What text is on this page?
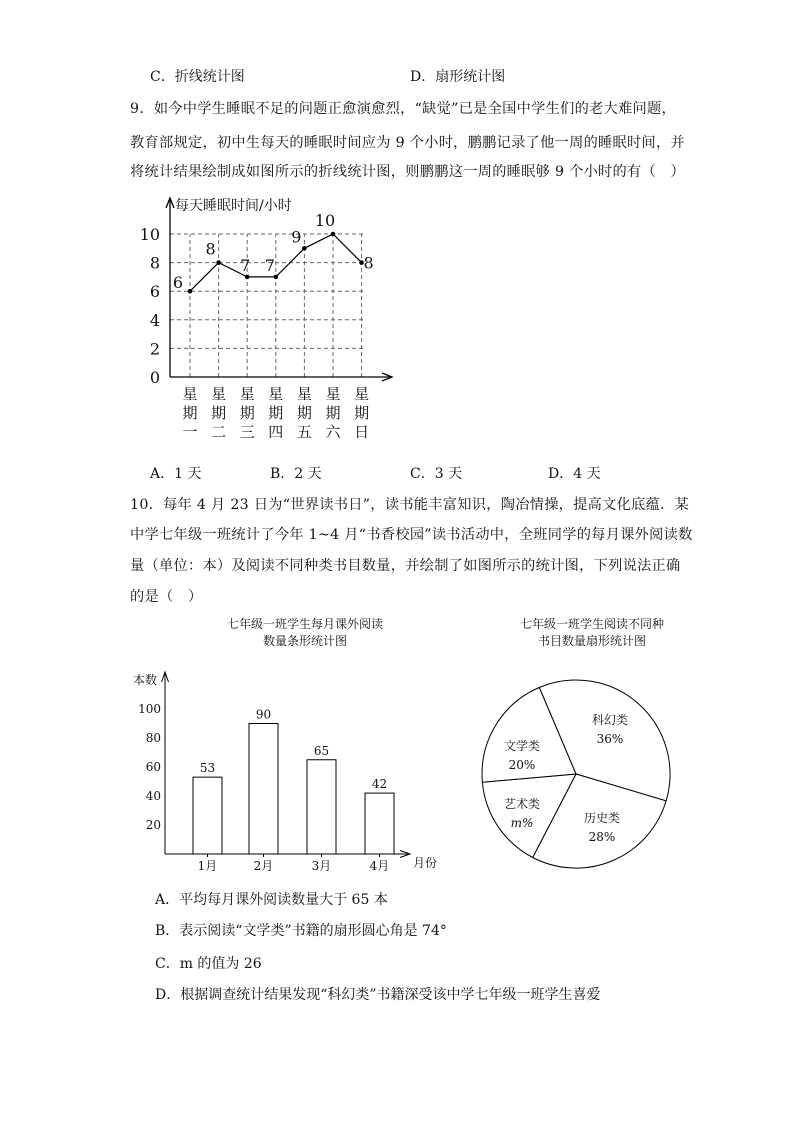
C．折线统计图	D．扇形统计图
9．如今中学生睡眠不足的问题正愈演愈烈，“缺觉”已是全国中学生们的老大难问题，
教育部规定，初中生每天的睡眠时间应为 9 个小时，鹏鹏记录了他一周的睡眠时间，并
将统计结果绘制成如图所示的折线统计图，则鹏鹏这一周的睡眠够 9 个小时的有（　）
每天睡眠时间/小时
0
2
4
6
8
10
6
8
7 7
9
10
8
星
期
一
星
期
二
星
期
三
星
期
四
星
期
五
星
期
六
星
期
日
A．1 天	B．2 天	C．3 天	D．4 天
10．每年 4 月 23 日为“世界读书日”，读书能丰富知识，陶冶情操，提高文化底蕴．某
中学七年级一班统计了今年 1~4 月“书香校园”读书活动中，全班同学的每月课外阅读数
量（单位：本）及阅读不同种类书目数量，并绘制了如图所示的统计图，下列说法正确
的是（　）
七年级一班学生每月课外阅读
数量条形统计图
本数
月份
20
40
60
80
100
53
1月
90
2月
65
3月
42
4月
七年级一班学生阅读不同种
书目数量扇形统计图
科幻类
36%
历史类
28%
艺术类
m%
文学类
20%
A．平均每月课外阅读数量大于 65 本
B．表示阅读“文学类”书籍的扇形圆心角是 74°
C．m 的值为 26
D．根据调查统计结果发现“科幻类”书籍深受该中学七年级一班学生喜爱
